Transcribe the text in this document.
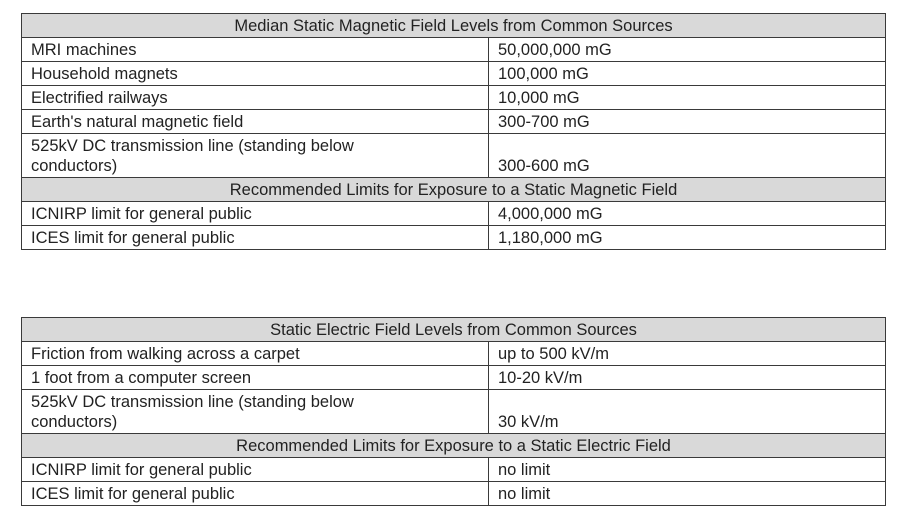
Median Static Magnetic Field Levels from Common Sources	
MRI machines	50,000,000 mG
Household magnets	100,000 mG
Electrified railways	10,000 mG
Earth's natural magnetic field	300-700 mG
525kV DC transmission line (standing below
conductors)	300-600 mG
Recommended Limits for Exposure to a Static Magnetic Field	
ICNIRP limit for general public	4,000,000 mG
ICES limit for general public	1,180,000 mG
Static Electric Field Levels from Common Sources	
Friction from walking across a carpet	up to 500 kV/m
1 foot from a computer screen	10-20 kV/m
525kV DC transmission line (standing below
conductors)	30 kV/m
Recommended Limits for Exposure to a Static Electric Field	
ICNIRP limit for general public	no limit
ICES limit for general public	no limit
